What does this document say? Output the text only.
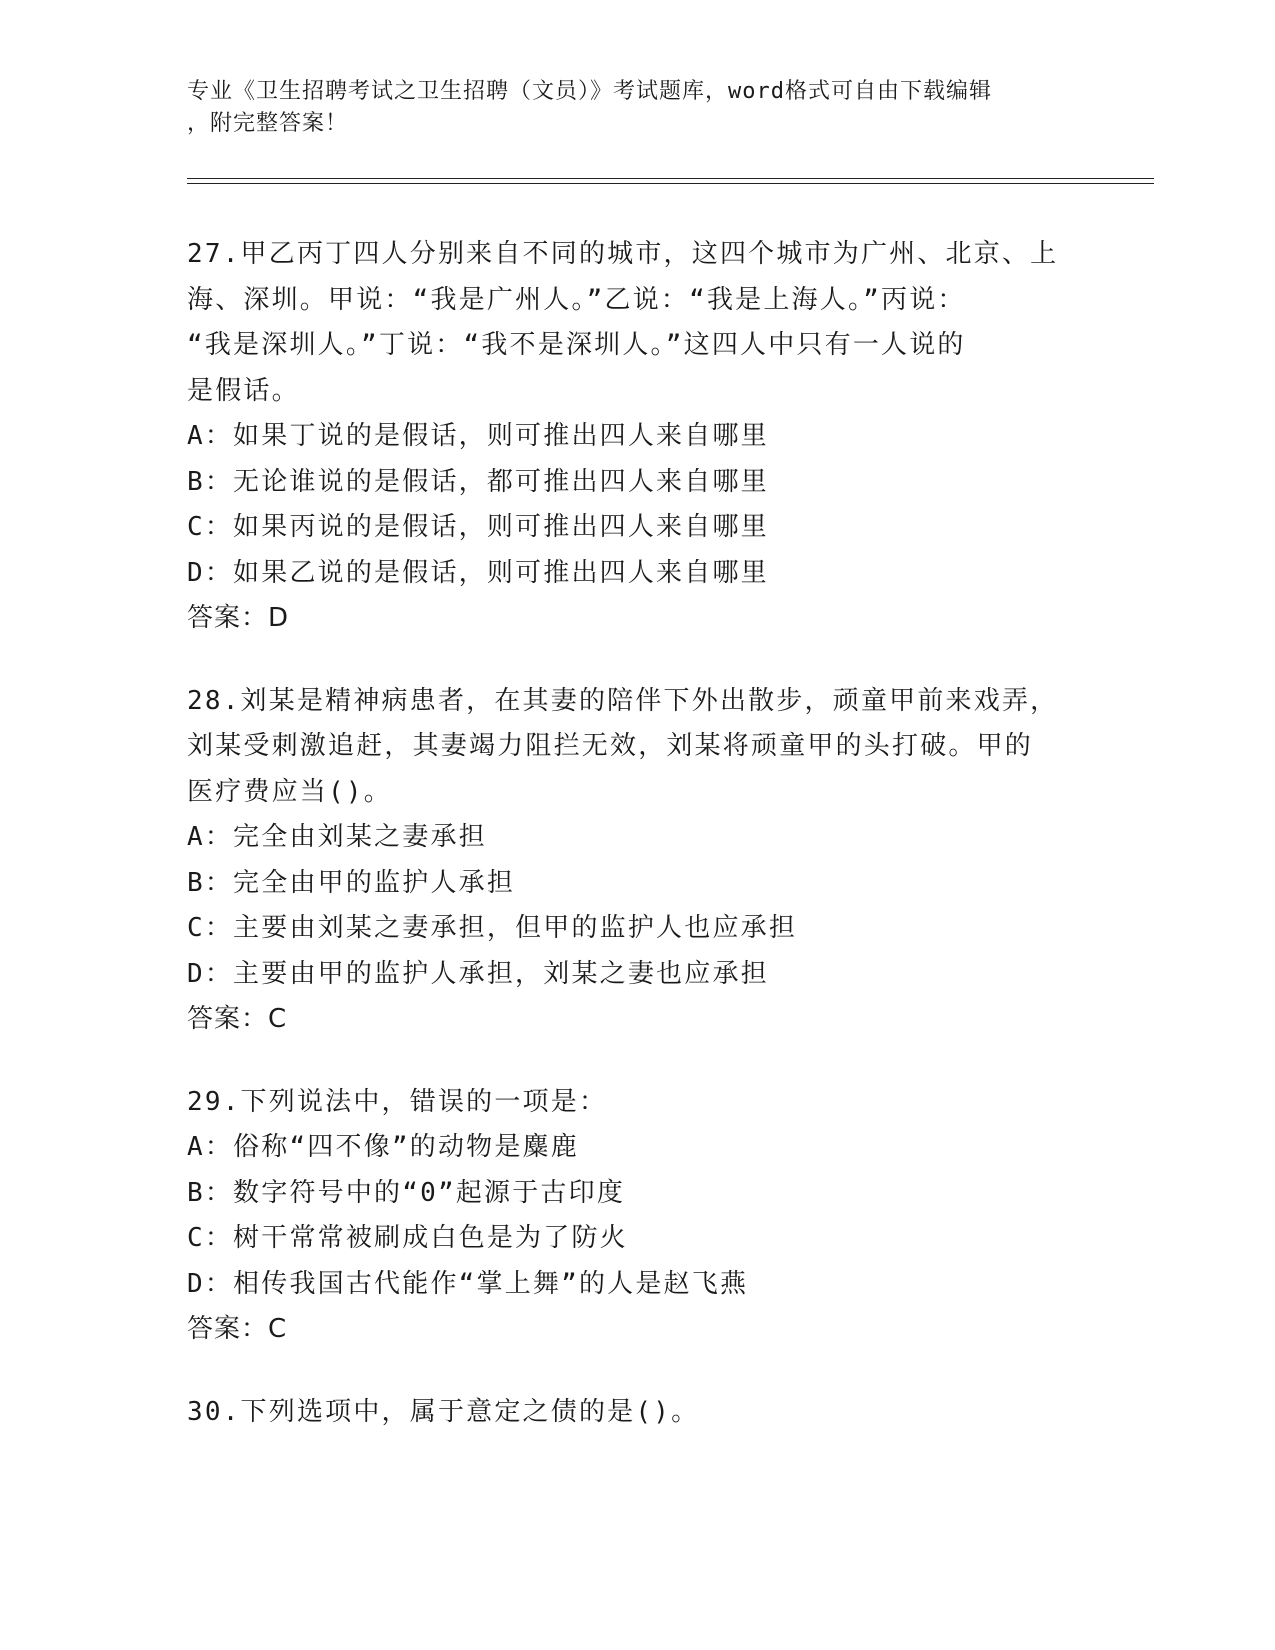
专业《卫生招聘考试之卫生招聘（文员）》考试题库，word格式可自由下载编辑
，附完整答案！

27.甲乙丙丁四人分别来自不同的城市，这四个城市为广州、北京、上

海、深圳。甲说：“我是广州人。”乙说：“我是上海人。”丙说：

“我是深圳人。”丁说：“我不是深圳人。”这四人中只有一人说的

是假话。

A：如果丁说的是假话，则可推出四人来自哪里

B：无论谁说的是假话，都可推出四人来自哪里

C：如果丙说的是假话，则可推出四人来自哪里

D：如果乙说的是假话，则可推出四人来自哪里

答案：D

28.刘某是精神病患者，在其妻的陪伴下外出散步，顽童甲前来戏弄，

刘某受刺激追赶，其妻竭力阻拦无效，刘某将顽童甲的头打破。甲的

医疗费应当()。

A：完全由刘某之妻承担

B：完全由甲的监护人承担

C：主要由刘某之妻承担，但甲的监护人也应承担

D：主要由甲的监护人承担，刘某之妻也应承担

答案：C

29.下列说法中，错误的一项是：

A：俗称“四不像”的动物是麋鹿

B：数字符号中的“0”起源于古印度

C：树干常常被刷成白色是为了防火

D：相传我国古代能作“掌上舞”的人是赵飞燕

答案：C

30.下列选项中，属于意定之债的是()。
